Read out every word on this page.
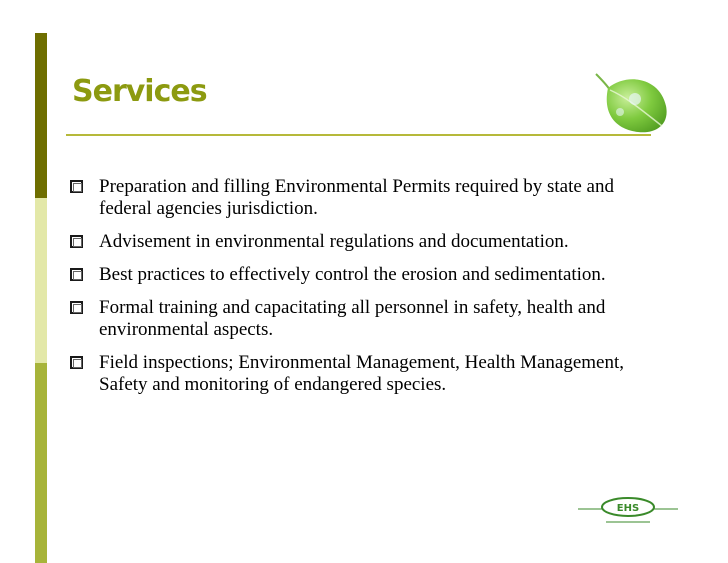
Services
Preparation and filling Environmental Permits required by state and federal agencies jurisdiction.
Advisement in environmental regulations and documentation.
Best practices to effectively control the erosion and sedimentation.
Formal training and capacitating all personnel in safety, health and environmental aspects.
Field inspections; Environmental Management, Health Management, Safety and monitoring of endangered species.
EHS
